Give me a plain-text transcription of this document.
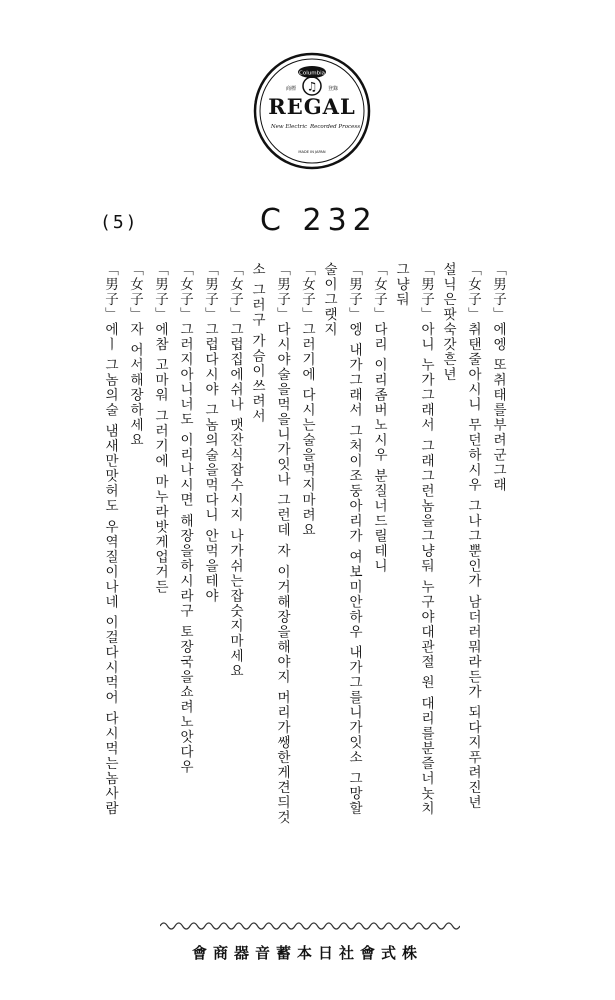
Columbia
♫
商標	登錄
REGAL
New Electric Recorded Process
MADE IN JAPAN
(5)	C 232
「男子」에엥 또취태를부려군그래
「女子」취탠줄아시니 무던하시우 그나그뿐인가 남더러뭐라든가 되다지푸려진년
설닉은팟숙갓흔년
「男子」아니 누가그래서 그래그런놈을그냥둬 누구야대관절 원 대리를분즐너놋치
그냥둬
「女子」다리 이리좀버노시우 분질너드릴테니
「男子」엥 내가그래서 그처이조둥아리가 여보미안하우 내가그를니가잇소 그망할
술이그랫지
「女子」그러기에 다시는술을먹지마려요
「男子」다시야술을먹을니가잇나 그런데 자 이거해장을해야지 머리가쌩한게견듸것
소 그러구 가슴이쓰려서
「女子」그럽집에쉬나 맷잔식잡수시지 나가쉬는잡숫지마세요
「男子」그럽다시야 그놈의술을먹다니 안먹을테야
「女子」그러지아니너도 이리나시면 해장을하시라구 토장국을쇼려노앗다우
「男子」에참 고마워 그러기에 마누라밧게업거든
「女子」자 어서해장하세요
「男子」에ㅣ 그놈의술 냄새만맛허도 우역질이나네 이걸다시먹어 다시먹는놈사람
會商器音蓄本日社會式株
